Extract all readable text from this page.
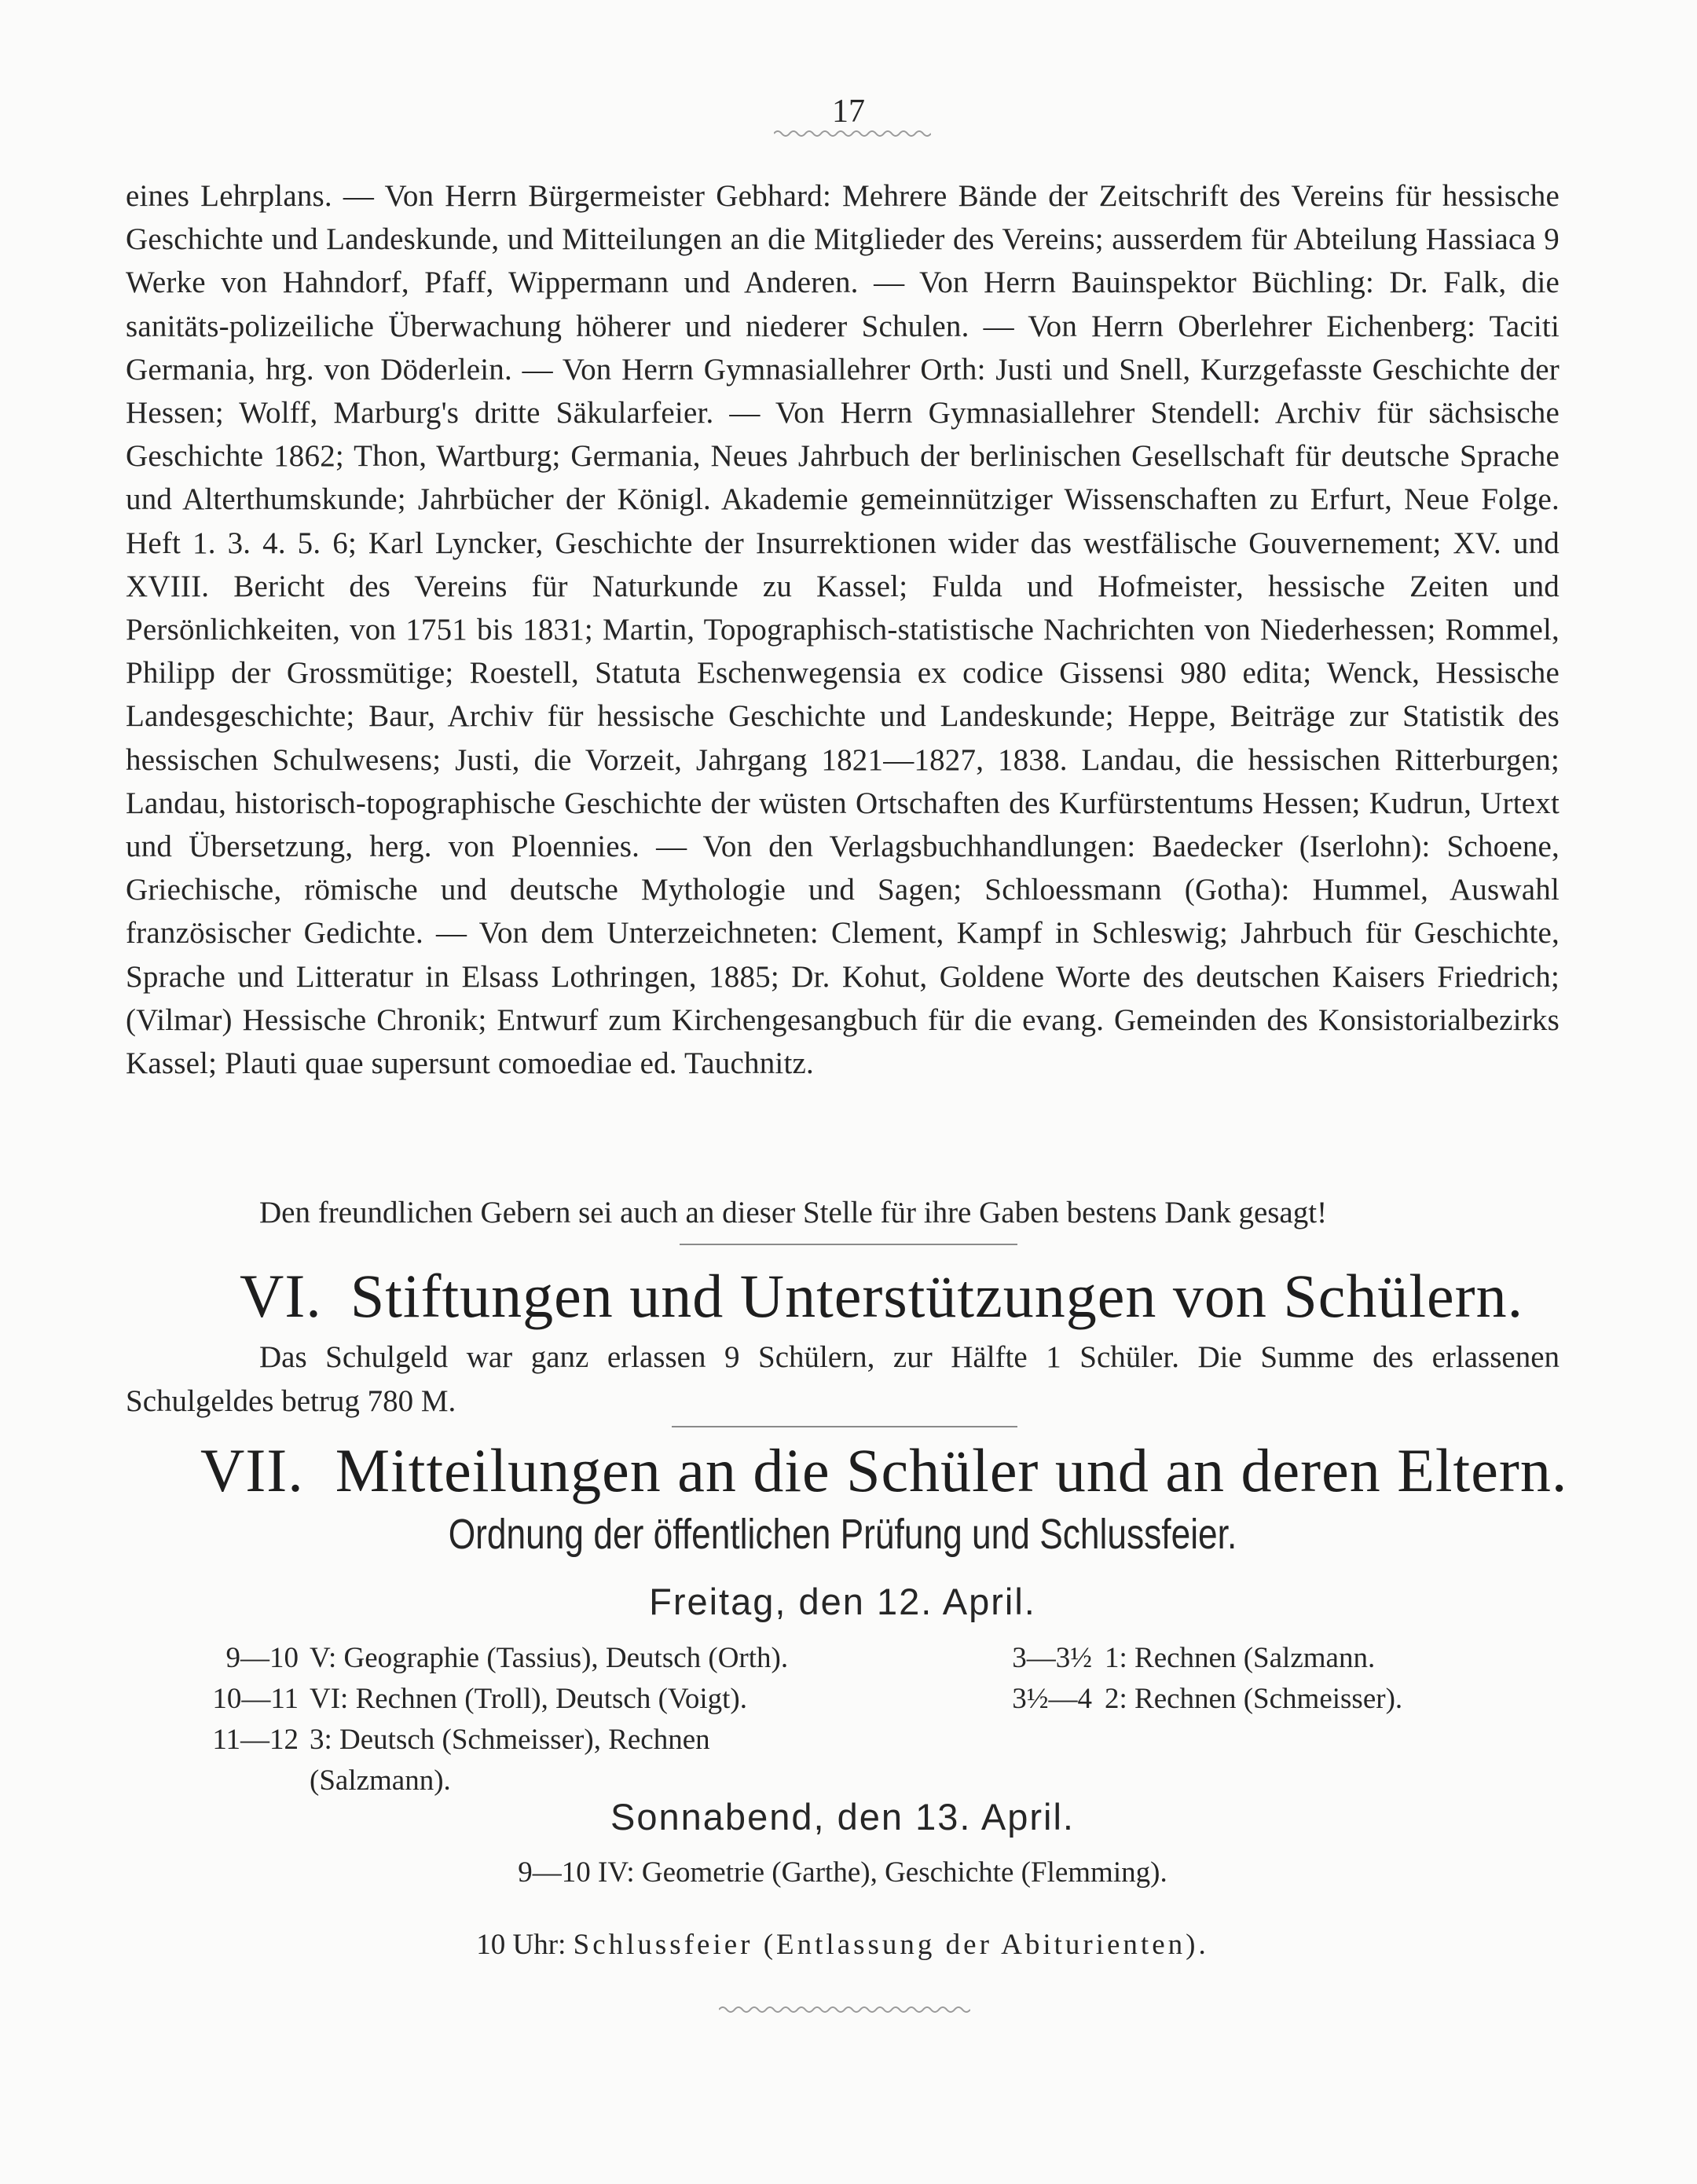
17

eines Lehrplans. — Von Herrn Bürgermeister Gebhard: Mehrere Bände der Zeitschrift des Vereins für hessische Geschichte und Landeskunde, und Mitteilungen an die Mitglieder des Vereins; ausserdem für Abteilung Hassiaca 9 Werke von Hahndorf, Pfaff, Wippermann und Anderen. — Von Herrn Bauinspektor Büchling: Dr. Falk, die sanitäts-polizeiliche Überwachung höherer und niederer Schulen. — Von Herrn Oberlehrer Eichenberg: Taciti Germania, hrg. von Döderlein. — Von Herrn Gymnasiallehrer Orth: Justi und Snell, Kurzgefasste Geschichte der Hessen; Wolff, Marburg's dritte Säkularfeier. — Von Herrn Gymnasiallehrer Stendell: Archiv für sächsische Geschichte 1862; Thon, Wartburg; Germania, Neues Jahrbuch der berlinischen Gesellschaft für deutsche Sprache und Alterthumskunde; Jahrbücher der Königl. Akademie gemeinnütziger Wissenschaften zu Erfurt, Neue Folge. Heft 1. 3. 4. 5. 6; Karl Lyncker, Geschichte der Insurrektionen wider das westfälische Gouvernement; XV. und XVIII. Bericht des Vereins für Naturkunde zu Kassel; Fulda und Hofmeister, hessische Zeiten und Persönlichkeiten, von 1751 bis 1831; Martin, Topographisch-statistische Nachrichten von Niederhessen; Rommel, Philipp der Grossmütige; Roestell, Statuta Eschenwegensia ex codice Gissensi 980 edita; Wenck, Hessische Landesgeschichte; Baur, Archiv für hessische Geschichte und Landeskunde; Heppe, Beiträge zur Statistik des hessischen Schulwesens; Justi, die Vorzeit, Jahrgang 1821—1827, 1838. Landau, die hessischen Ritterburgen; Landau, historisch-topographische Geschichte der wüsten Ortschaften des Kurfürstentums Hessen; Kudrun, Urtext und Übersetzung, herg. von Ploennies. — Von den Verlagsbuchhandlungen: Baedecker (Iserlohn): Schoene, Griechische, römische und deutsche Mythologie und Sagen; Schloessmann (Gotha): Hummel, Auswahl französischer Gedichte. — Von dem Unterzeichneten: Clement, Kampf in Schleswig; Jahrbuch für Geschichte, Sprache und Litteratur in Elsass Lothringen, 1885; Dr. Kohut, Goldene Worte des deutschen Kaisers Friedrich; (Vilmar) Hessische Chronik; Entwurf zum Kirchengesangbuch für die evang. Gemeinden des Konsistorialbezirks Kassel; Plauti quae supersunt comoediae ed. Tauchnitz.

Den freundlichen Gebern sei auch an dieser Stelle für ihre Gaben bestens Dank gesagt!
VI. Stiftungen und Unterstützungen von Schülern.
Das Schulgeld war ganz erlassen 9 Schülern, zur Hälfte 1 Schüler. Die Summe des erlassenen Schulgeldes betrug 780 M.
VII. Mitteilungen an die Schüler und an deren Eltern.
Ordnung der öffentlichen Prüfung und Schlussfeier.
Freitag, den 12. April.
9—10 V: Geographie (Tassius), Deutsch (Orth).
10—11 VI: Rechnen (Troll), Deutsch (Voigt).
11—12 3: Deutsch (Schmeisser), Rechnen (Salzmann).
3—3½ 1: Rechnen (Salzmann.
3½—4 2: Rechnen (Schmeisser).
Sonnabend, den 13. April.
9—10 IV: Geometrie (Garthe), Geschichte (Flemming).
10 Uhr: Schlussfeier (Entlassung der Abiturienten).
